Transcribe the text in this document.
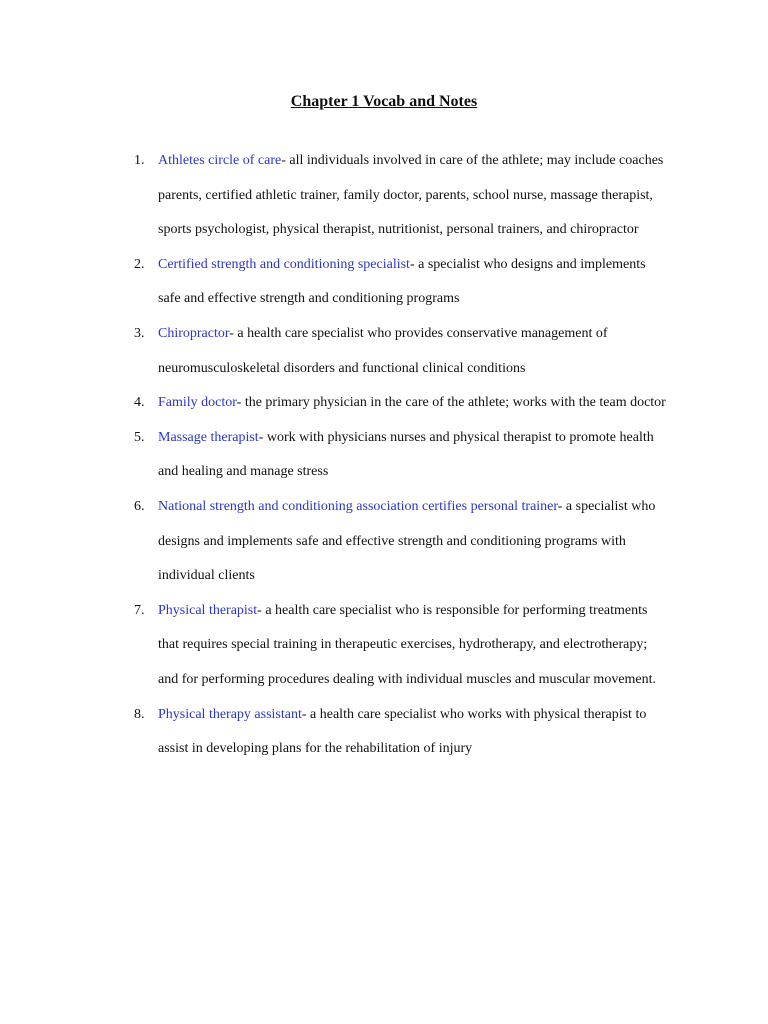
Chapter 1 Vocab and Notes
1. Athletes circle of care- all individuals involved in care of the athlete; may include coaches parents, certified athletic trainer, family doctor, parents, school nurse, massage therapist, sports psychologist, physical therapist, nutritionist, personal trainers, and chiropractor
2. Certified strength and conditioning specialist- a specialist who designs and implements safe and effective strength and conditioning programs
3. Chiropractor- a health care specialist who provides conservative management of neuromusculoskeletal disorders and functional clinical conditions
4. Family doctor- the primary physician in the care of the athlete; works with the team doctor
5. Massage therapist- work with physicians nurses and physical therapist to promote health and healing and manage stress
6. National strength and conditioning association certifies personal trainer- a specialist who designs and implements safe and effective strength and conditioning programs with individual clients
7. Physical therapist- a health care specialist who is responsible for performing treatments that requires special training in therapeutic exercises, hydrotherapy, and electrotherapy; and for performing procedures dealing with individual muscles and muscular movement.
8. Physical therapy assistant- a health care specialist who works with physical therapist to assist in developing plans for the rehabilitation of injury
